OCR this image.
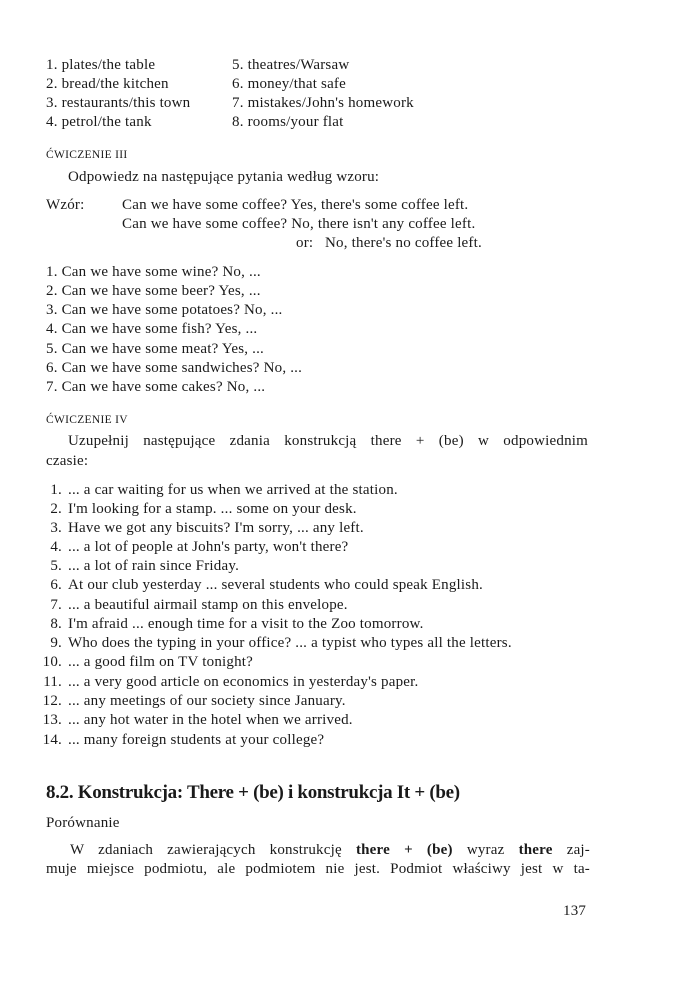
1. plates/the table
2. bread/the kitchen
3. restaurants/this town
4. petrol/the tank
5. theatres/Warsaw
6. money/that safe
7. mistakes/John's homework
8. rooms/your flat
ĆWICZENIE III
Odpowiedz na następujące pytania według wzoru:
Wzór:	Can we have some coffee? Yes, there's some coffee left.
Can we have some coffee? No, there isn't any coffee left.
or: No, there's no coffee left.
1. Can we have some wine? No, ...
2. Can we have some beer? Yes, ...
3. Can we have some potatoes? No, ...
4. Can we have some fish? Yes, ...
5. Can we have some meat? Yes, ...
6. Can we have some sandwiches? No, ...
7. Can we have some cakes? No, ...
ĆWICZENIE IV
Uzupełnij następujące zdania konstrukcją there + (be) w odpowiednim
czasie:
1. ... a car waiting for us when we arrived at the station.
2. I'm looking for a stamp. ... some on your desk.
3. Have we got any biscuits? I'm sorry, ... any left.
4. ... a lot of people at John's party, won't there?
5. ... a lot of rain since Friday.
6. At our club yesterday ... several students who could speak English.
7. ... a beautiful airmail stamp on this envelope.
8. I'm afraid ... enough time for a visit to the Zoo tomorrow.
9. Who does the typing in your office? ... a typist who types all the letters.
10. ... a good film on TV tonight?
11. ... a very good article on economics in yesterday's paper.
12. ... any meetings of our society since January.
13. ... any hot water in the hotel when we arrived.
14. ... many foreign students at your college?
8.2. Konstrukcja: There + (be) i konstrukcja It + (be)
Porównanie
W zdaniach zawierających konstrukcję there + (be) wyraz there zaj-
muje miejsce podmiotu, ale podmiotem nie jest. Podmiot właściwy jest w ta-
137
